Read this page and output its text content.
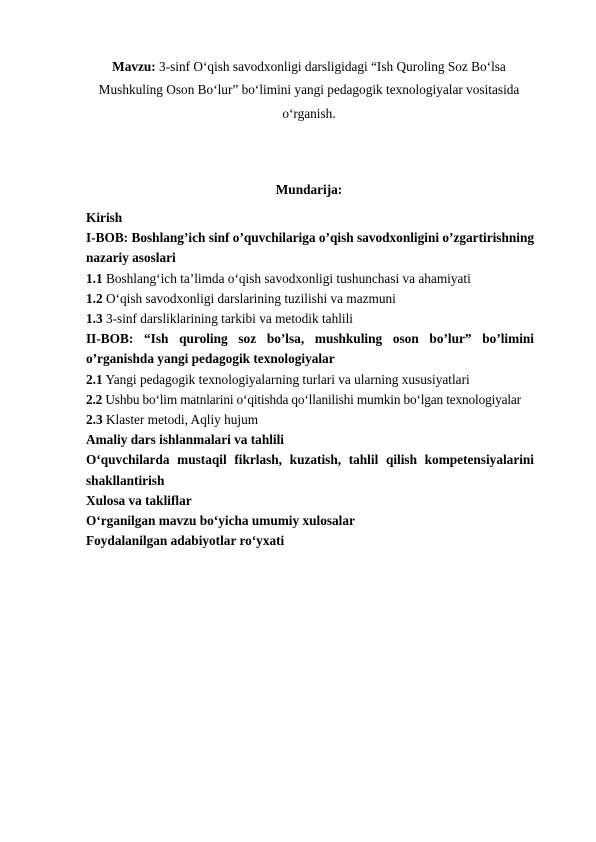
Mavzu: 3-sinf O‘qish savodxonligi darsligidagi “Ish Quroling Soz Bo‘lsa Mushkuling Oson Bo‘lur” bo‘limini yangi pedagogik texnologiyalar vositasida o‘rganish.

Mundarija:

Kirish

I-BOB: Boshlang’ich sinf o’quvchilariga o’qish savodxonligini o’zgartirishning nazariy asoslari

1.1 Boshlang‘ich ta’limda o‘qish savodxonligi tushunchasi va ahamiyati

1.2 O‘qish savodxonligi darslarining tuzilishi va mazmuni

1.3 3-sinf darsliklarining tarkibi va metodik tahlili

II-BOB: “Ish quroling soz bo’lsa, mushkuling oson bo’lur” bo’limini o’rganishda yangi pedagogik texnologiyalar

2.1 Yangi pedagogik texnologiyalarning turlari va ularning xususiyatlari

2.2 Ushbu bo‘lim matnlarini o‘qitishda qo‘llanilishi mumkin bo‘lgan texnologiyalar

2.3 Klaster metodi, Aqliy hujum

Amaliy dars ishlanmalari va tahlili

O‘quvchilarda mustaqil fikrlash, kuzatish, tahlil qilish kompetensiyalarini shakllantirish

Xulosa va takliflar

O‘rganilgan mavzu bo‘yicha umumiy xulosalar

Foydalanilgan adabiyotlar ro‘yxati
